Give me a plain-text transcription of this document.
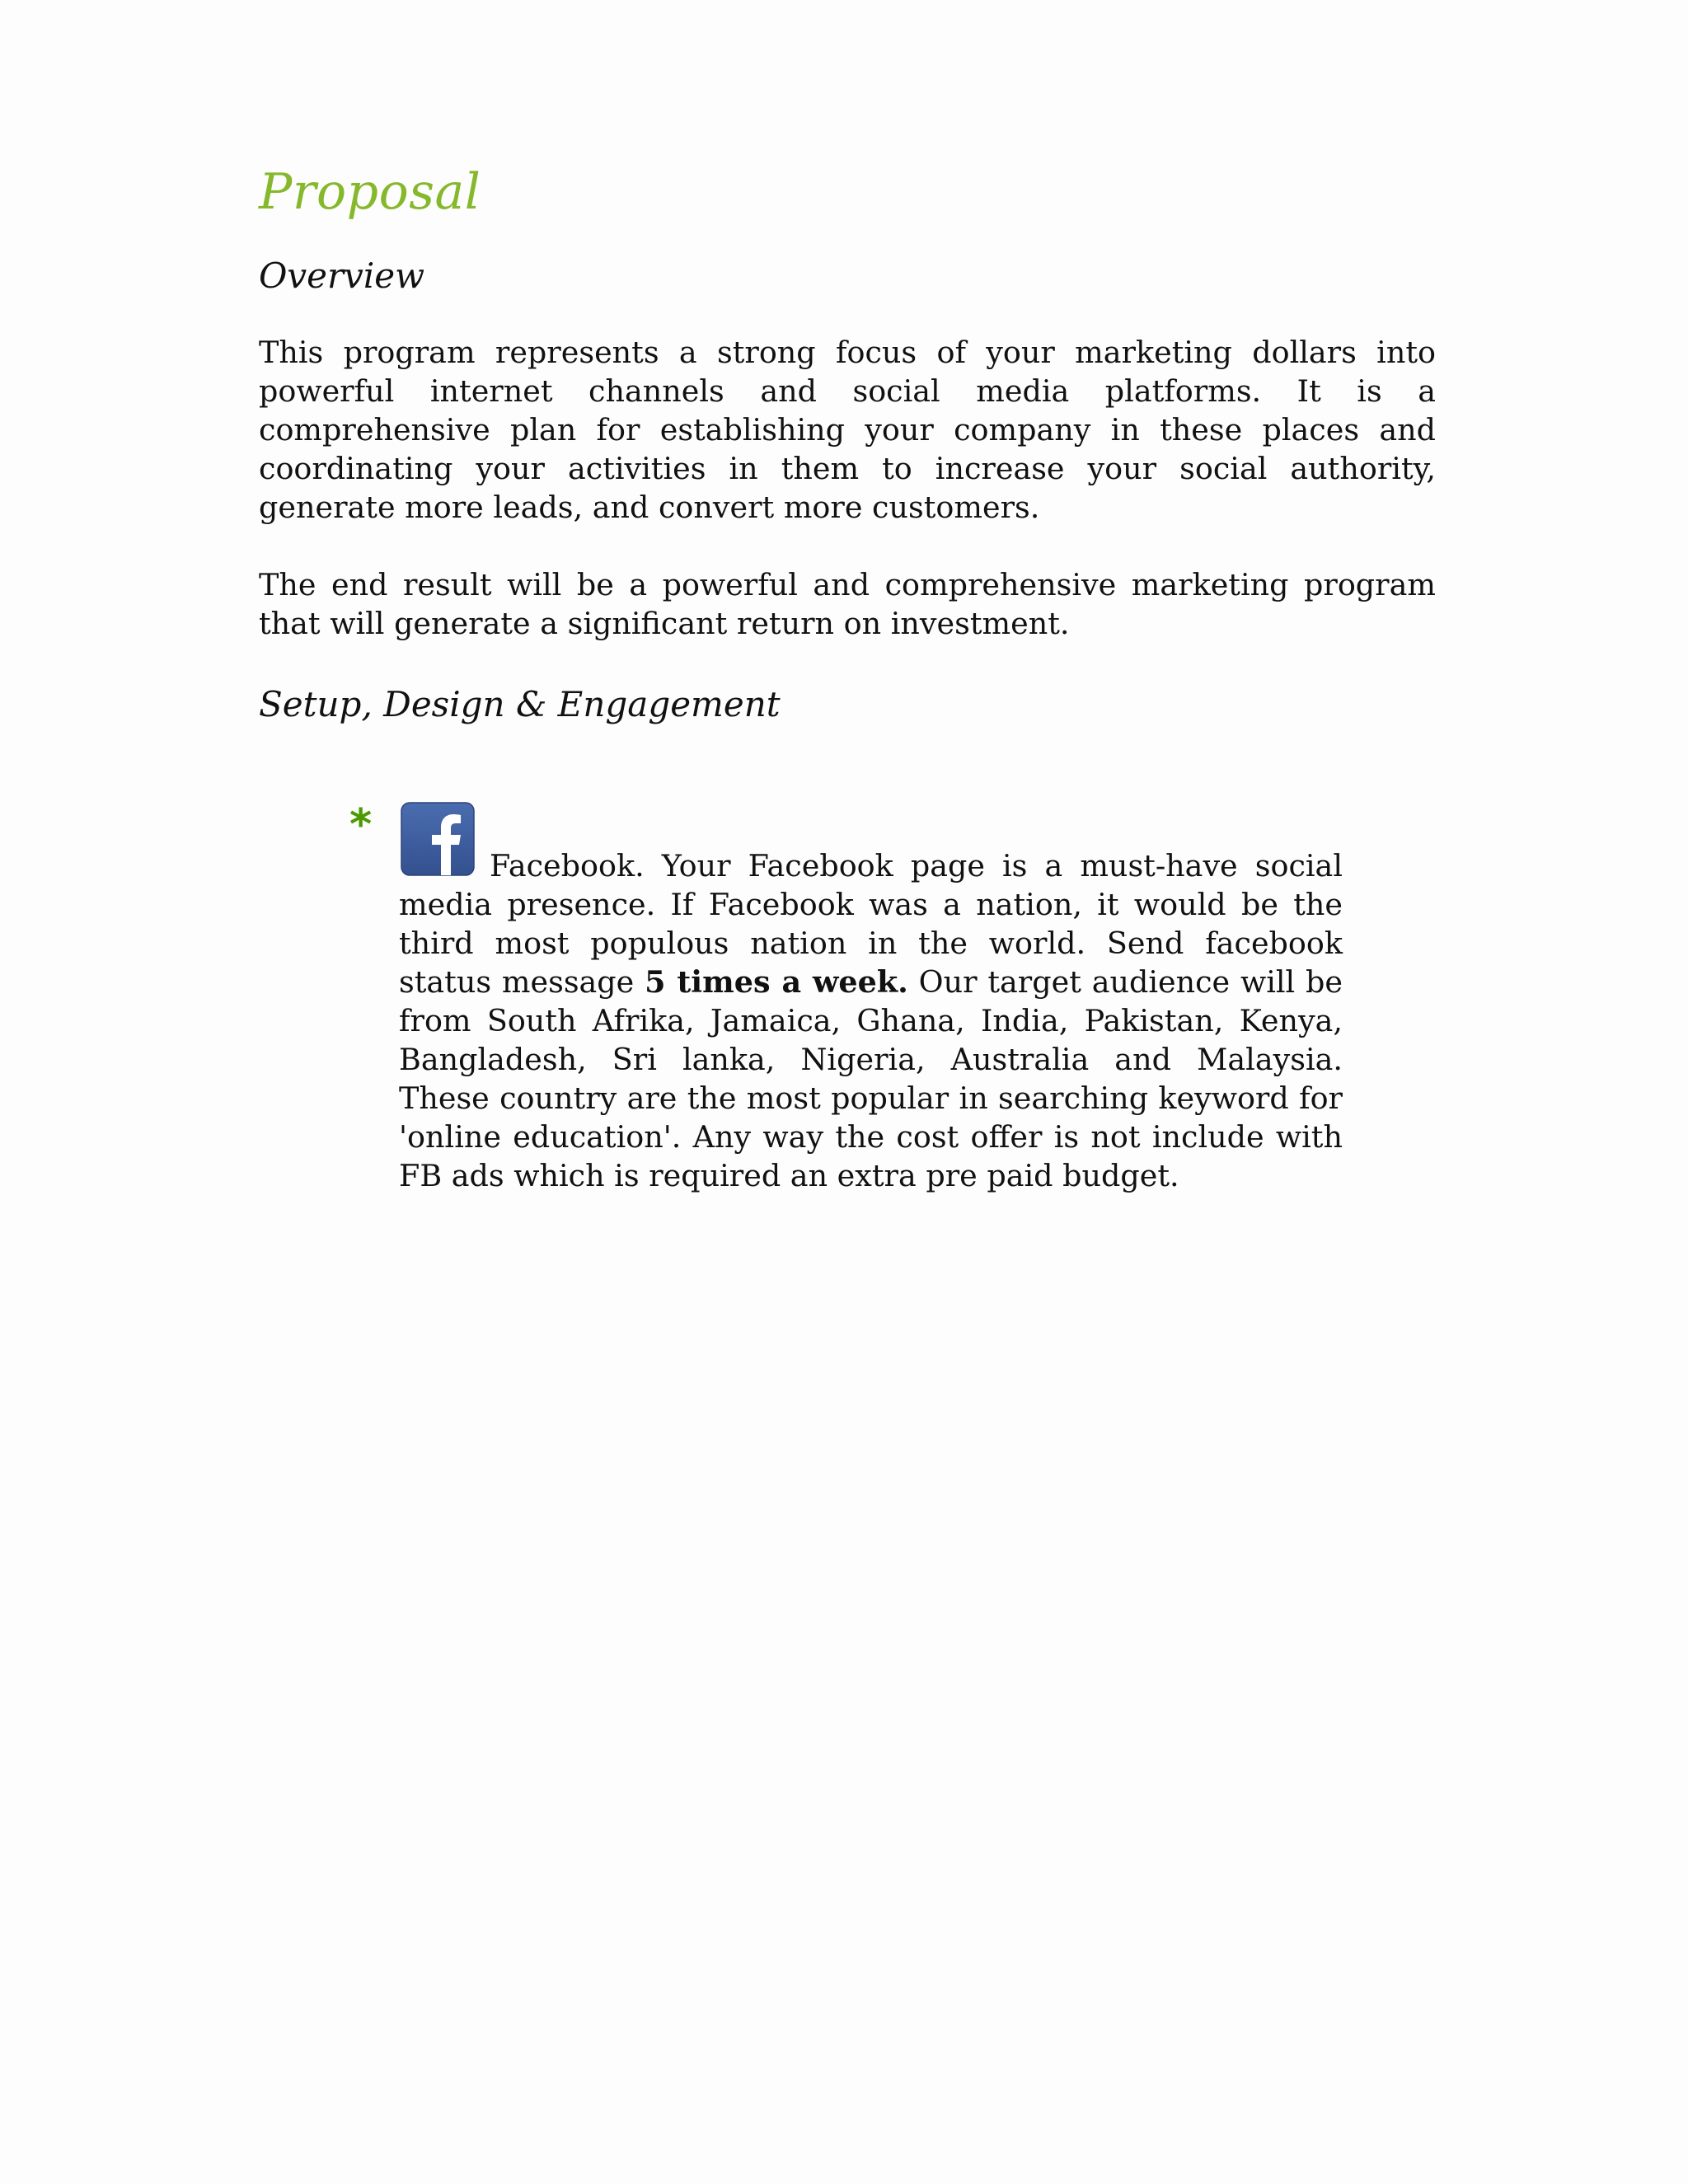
Proposal
Overview

This program represents a strong focus of your marketing dollars into powerful internet channels and social media platforms. It is a comprehensive plan for establishing your company in these places and coordinating your activities in them to increase your social authority, generate more leads, and convert more customers.

The end result will be a powerful and comprehensive marketing program that will generate a significant return on investment.

Setup, Design & Engagement
*

Facebook. Your Facebook page is a must-have social media presence. If Facebook was a nation, it would be the third most populous nation in the world. Send facebook status message 5 times a week. Our target audience will be from South Afrika, Jamaica, Ghana, India, Pakistan, Kenya, Bangladesh, Sri lanka, Nigeria, Australia and Malaysia. These country are the most popular in searching keyword for 'online education'. Any way the cost offer is not include with FB ads which is required an extra pre paid budget.
